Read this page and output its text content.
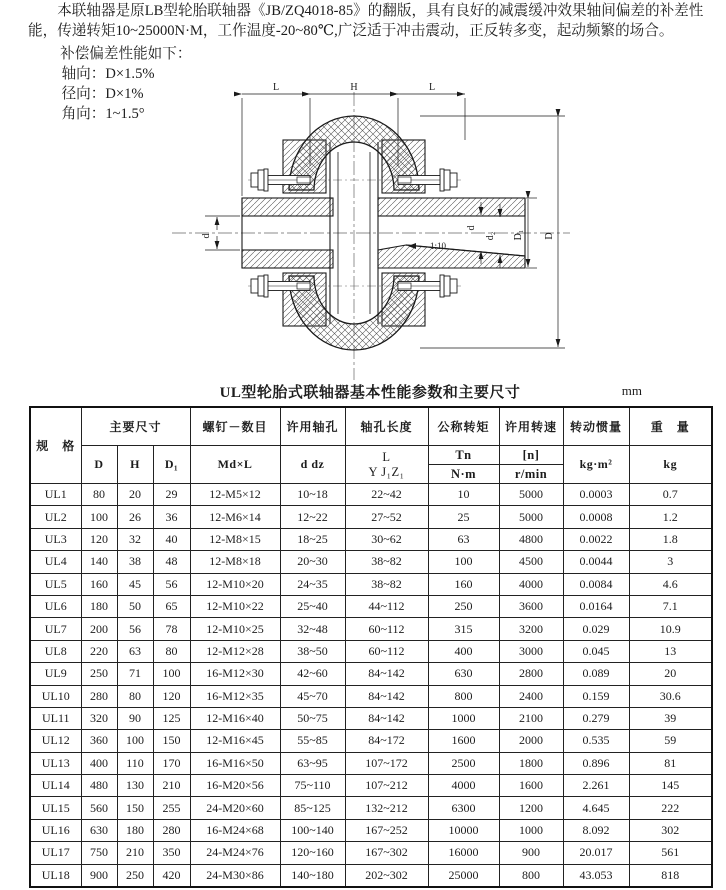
本联轴器是原LB型轮胎联轴器《JB/ZQ4018-85》的翻版，具有良好的减震缓冲效果轴间偏差的补差性能，传递转矩10~25000N·M，工作温度-20~80℃,广泛适于冲击震动，正反转多变，起动频繁的场合。

补偿偏差性能如下：

轴向：D×1.5%

径向：D×1%

角向：1~1.5°

L	H	L
d
d
d₂ D₁ D
1:10
UL型轮胎式联轴器基本性能参数和主要尺寸	mm
规　格	主要尺寸			螺钉－数目	许用轴孔	轴孔长度	公称转矩	许用转速	转动惯量	重　量
D	H	D₁	Md×L	d dz	
L
Y J₁Z₁

Tn
N·m

[n]
r/min
	kg·m²	kg
UL1	80	20	29	12-M5×12	10~18	22~42	10	5000	0.0003	0.7
UL2	100	26	36	12-M6×14	12~22	27~52	25	5000	0.0008	1.2
UL3	120	32	40	12-M8×15	18~25	30~62	63	4800	0.0022	1.8
UL4	140	38	48	12-M8×18	20~30	38~82	100	4500	0.0044	3
UL5	160	45	56	12-M10×20	24~35	38~82	160	4000	0.0084	4.6
UL6	180	50	65	12-M10×22	25~40	44~112	250	3600	0.0164	7.1
UL7	200	56	78	12-M10×25	32~48	60~112	315	3200	0.029	10.9
UL8	220	63	80	12-M12×28	38~50	60~112	400	3000	0.045	13
UL9	250	71	100	16-M12×30	42~60	84~142	630	2800	0.089	20
UL10	280	80	120	16-M12×35	45~70	84~142	800	2400	0.159	30.6
UL11	320	90	125	12-M16×40	50~75	84~142	1000	2100	0.279	39
UL12	360	100	150	12-M16×45	55~85	84~172	1600	2000	0.535	59
UL13	400	110	170	16-M16×50	63~95	107~172	2500	1800	0.896	81
UL14	480	130	210	16-M20×56	75~110	107~212	4000	1600	2.261	145
UL15	560	150	255	24-M20×60	85~125	132~212	6300	1200	4.645	222
UL16	630	180	280	16-M24×68	100~140	167~252	10000	1000	8.092	302
UL17	750	210	350	24-M24×76	120~160	167~302	16000	900	20.017	561
UL18	900	250	420	24-M30×86	140~180	202~302	25000	800	43.053	818
